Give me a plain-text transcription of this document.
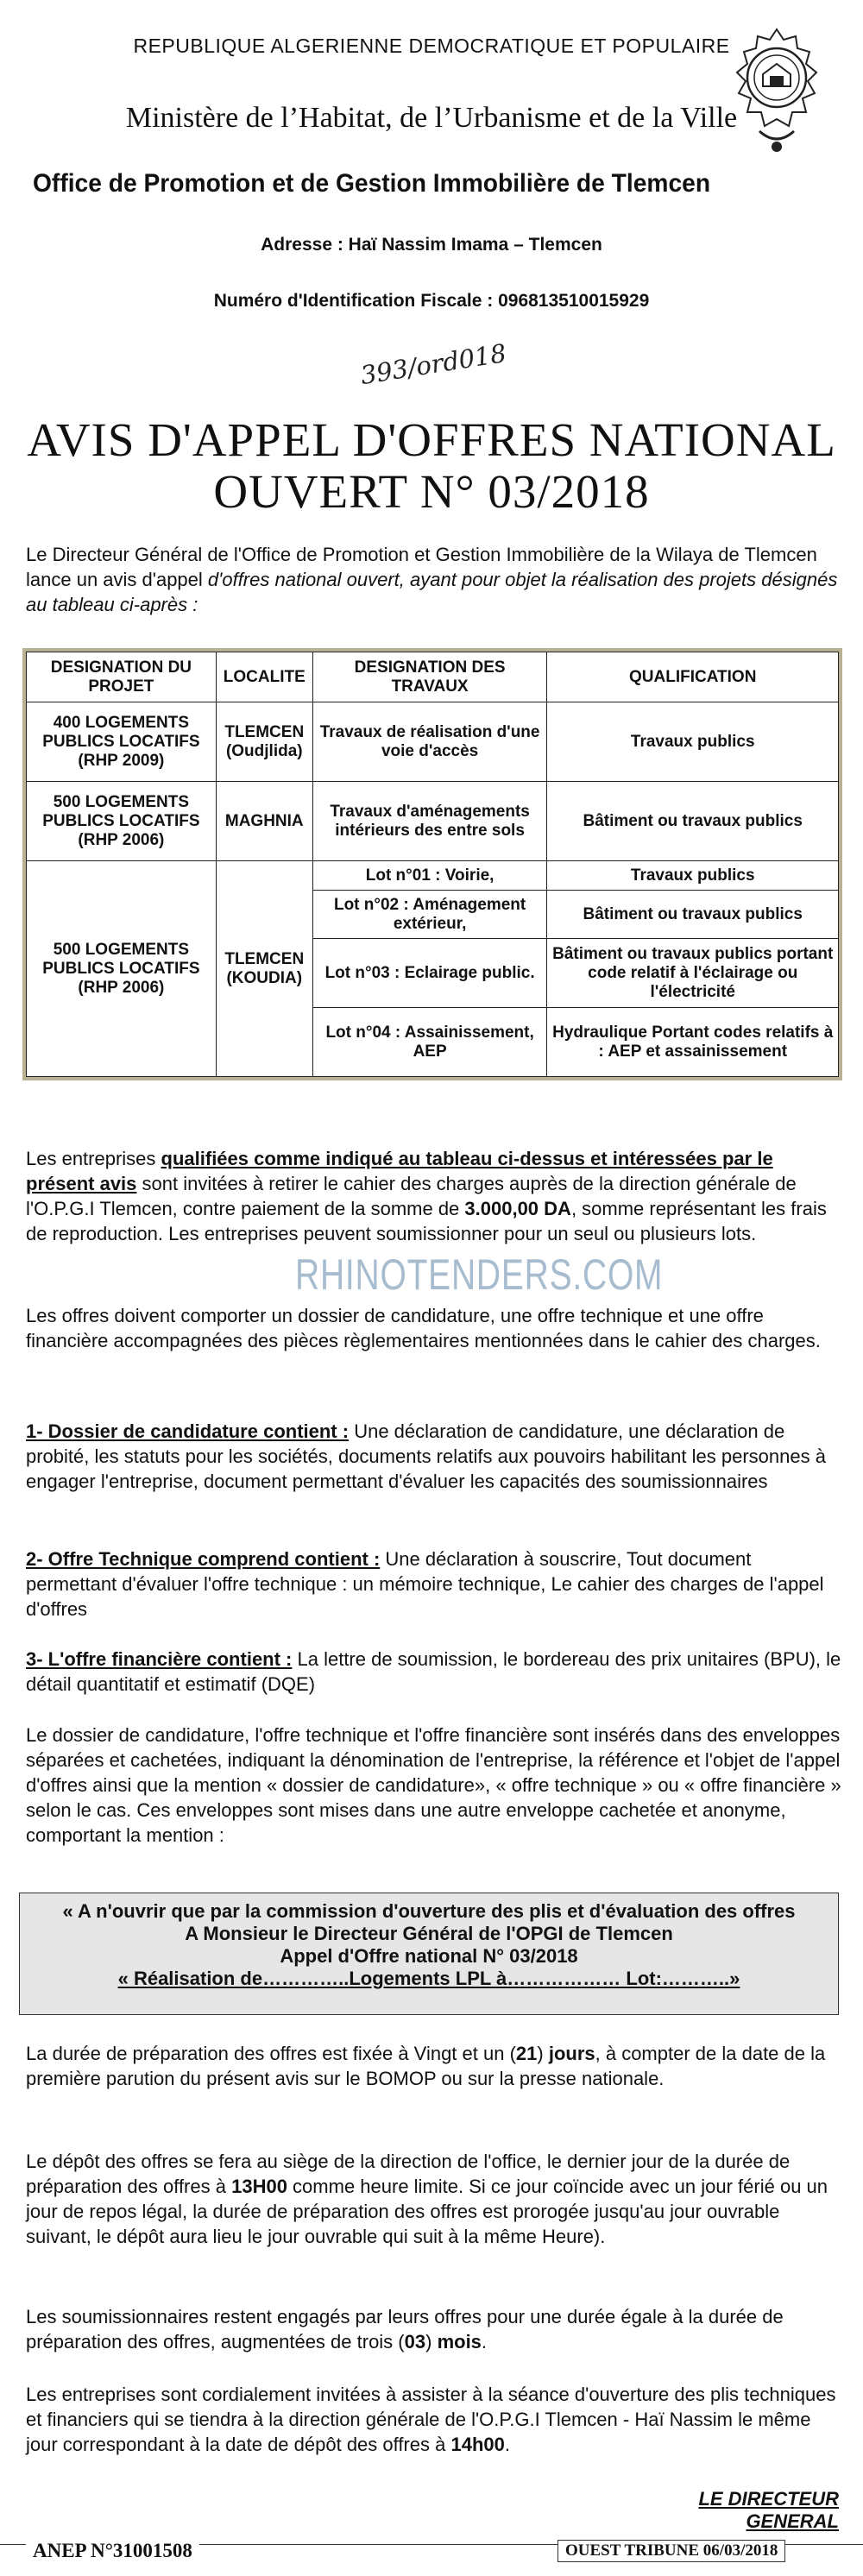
REPUBLIQUE ALGERIENNE DEMOCRATIQUE ET POPULAIRE
Ministère de l’Habitat, de l’Urbanisme et de la Ville
Office de Promotion et de Gestion Immobilière de Tlemcen
Adresse : Haï Nassim Imama – Tlemcen
Numéro d'Identification Fiscale : 096813510015929
393/ord018
AVIS D'APPEL D'OFFRES NATIONAL
OUVERT N° 03/2018
Le Directeur Général de l'Office de Promotion et Gestion Immobilière de la Wilaya de Tlemcen lance un avis d'appel d'offres national ouvert, ayant pour objet la réalisation des projets désignés au tableau ci-après :
DESIGNATION DU PROJET	LOCALITE	DESIGNATION DES TRAVAUX	QUALIFICATION
400 LOGEMENTS PUBLICS LOCATIFS (RHP 2009)	TLEMCEN (Oudjlida)	Travaux de réalisation d'une voie d'accès	Travaux publics
500 LOGEMENTS PUBLICS LOCATIFS (RHP 2006)	MAGHNIA	Travaux d'aménagements intérieurs des entre sols	Bâtiment ou travaux publics
500 LOGEMENTS PUBLICS LOCATIFS (RHP 2006)	TLEMCEN (KOUDIA)	Lot n°01 : Voirie,	Travaux publics
		Lot n°02 : Aménagement extérieur,	Bâtiment ou travaux publics
		Lot n°03 : Eclairage public.	Bâtiment ou travaux publics portant code relatif à l'éclairage ou l'électricité
		Lot n°04 : Assainissement, AEP	Hydraulique Portant codes relatifs à : AEP et assainissement
Les entreprises qualifiées comme indiqué au tableau ci-dessus et intéressées par le présent avis sont invitées à retirer le cahier des charges auprès de la direction générale de l'O.P.G.I Tlemcen, contre paiement de la somme de 3.000,00 DA, somme représentant les frais de reproduction. Les entreprises peuvent soumissionner pour un seul ou plusieurs lots.
RHINOTENDERS.COM
Les offres doivent comporter un dossier de candidature, une offre technique et une offre financière accompagnées des pièces règlementaires mentionnées dans le cahier des charges.
1- Dossier de candidature contient : Une déclaration de candidature, une déclaration de probité, les statuts pour les sociétés, documents relatifs aux pouvoirs habilitant les personnes à engager l'entreprise, document permettant d'évaluer les capacités des soumissionnaires
2- Offre Technique comprend contient : Une déclaration à souscrire, Tout document permettant d'évaluer l'offre technique : un mémoire technique, Le cahier des charges de l'appel d'offres
3- L'offre financière contient : La lettre de soumission, le bordereau des prix unitaires (BPU), le détail quantitatif et estimatif (DQE)
Le dossier de candidature, l'offre technique et l'offre financière sont insérés dans des enveloppes séparées et cachetées, indiquant la dénomination de l'entreprise, la référence et l'objet de l'appel d'offres ainsi que la mention « dossier de candidature», « offre technique » ou « offre financière » selon le cas. Ces enveloppes sont mises dans une autre enveloppe cachetée et anonyme, comportant la mention :
« A n'ouvrir que par la commission d'ouverture des plis et d'évaluation des offres
A Monsieur le Directeur Général de l'OPGI de Tlemcen
Appel d'Offre national N° 03/2018
« Réalisation de…………..Logements LPL à……………… Lot:………..»
La durée de préparation des offres est fixée à Vingt et un (21) jours, à compter de la date de la première parution du présent avis sur le BOMOP ou sur la presse nationale.
Le dépôt des offres se fera au siège de la direction de l'office, le dernier jour de la durée de préparation des offres à 13H00 comme heure limite. Si ce jour coïncide avec un jour férié ou un jour de repos légal, la durée de préparation des offres est prorogée jusqu'au jour ouvrable suivant, le dépôt aura lieu le jour ouvrable qui suit à la même Heure).
Les soumissionnaires restent engagés par leurs offres pour une durée égale à la durée de préparation des offres, augmentées de trois (03) mois.
Les entreprises sont cordialement invitées à assister à la séance d'ouverture des plis techniques et financiers qui se tiendra à la direction générale de l'O.P.G.I Tlemcen - Haï Nassim le même jour correspondant à la date de dépôt des offres à 14h00.
LE DIRECTEUR GENERAL
ANEP N°31001508	OUEST TRIBUNE 06/03/2018
